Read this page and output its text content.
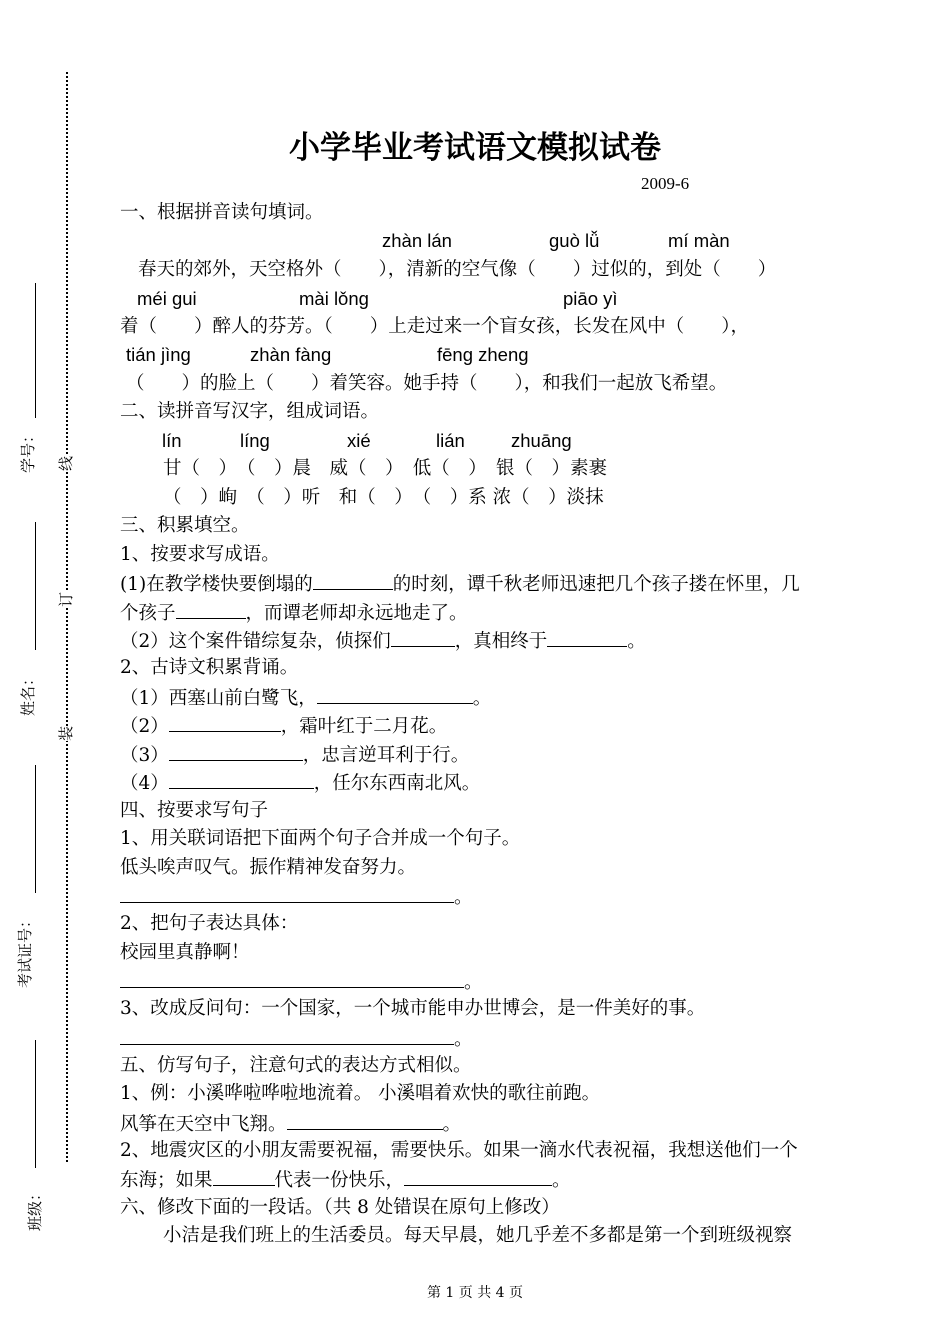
线
订
装
学号：
姓名：
考试证号：
班级：
小学毕业考试语文模拟试卷
2009-6
一、根据拼音读句填词。
zhàn lán	guò lǚ	mí màn
春天的郊外，天空格外（　　），清新的空气像（　　）过似的，到处（　　）
méi gui	mài lǒng	piāo yì
着（　　）醉人的芬芳。（　　）上走过来一个盲女孩，长发在风中（　　），
tián jìng	zhàn fàng	fēng zheng
（　　）的脸上（　　）着笑容。她手持（　　），和我们一起放飞希望。
二、读拼音写汉字，组成词语。
lín	líng	xié	lián zhuāng
甘（　）　（　）晨　威（　）　低（　）　银（　）素裹
（　）峋　（　）听　和（　）　（　）系 浓（　）淡抹
三、积累填空。
1、按要求写成语。
(1)在教学楼快要倒塌的	的时刻，谭千秋老师迅速把几个孩子搂在怀里，几
个孩子	，而谭老师却永远地走了。
（2）这个案件错综复杂，侦探们	，真相终于	。
2、古诗文积累背诵。
（1）西塞山前白鹭飞，	。
（2）	，霜叶红于二月花。
（3）	，忠言逆耳利于行。
（4）	，任尔东西南北风。
四、按要求写句子
1、用关联词语把下面两个句子合并成一个句子。
低头唉声叹气。振作精神发奋努力。
。
2、把句子表达具体：
校园里真静啊！
。
3、改成反问句：一个国家，一个城市能申办世博会，是一件美好的事。
。
五、仿写句子，注意句式的表达方式相似。
1、例：小溪哗啦哗啦地流着。 小溪唱着欢快的歌往前跑。
风筝在天空中飞翔。	。
2、地震灾区的小朋友需要祝福，需要快乐。如果一滴水代表祝福，我想送他们一个
东海；如果	代表一份快乐，	。
六、修改下面的一段话。（共 8 处错误在原句上修改）
小洁是我们班上的生活委员。每天早晨，她几乎差不多都是第一个到班级视察
第 1 页 共 4 页
